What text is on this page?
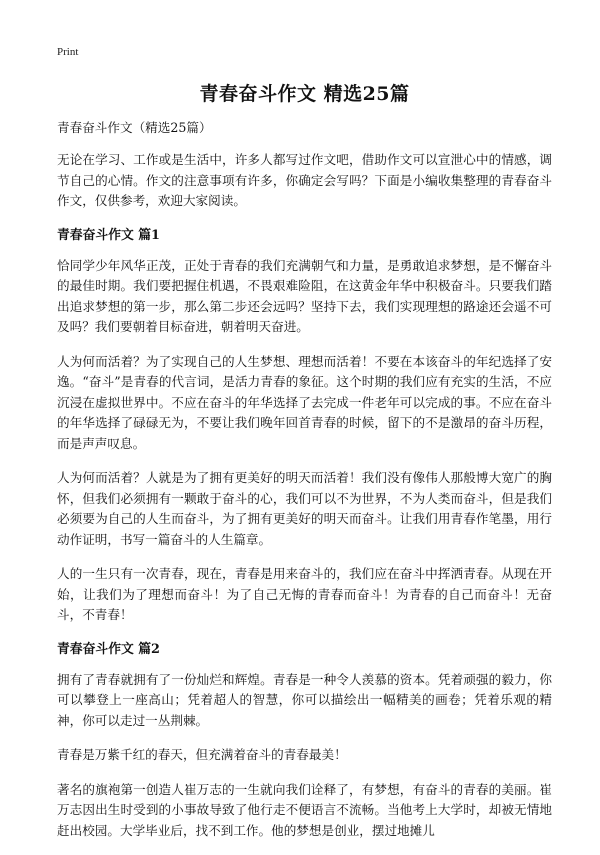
Print
青春奋斗作文 精选25篇

青春奋斗作文（精选25篇）

无论在学习、工作或是生活中，许多人都写过作文吧，借助作文可以宣泄心中的情感，调节自己的心情。作文的注意事项有许多，你确定会写吗？下面是小编收集整理的青春奋斗作文，仅供参考，欢迎大家阅读。

青春奋斗作文 篇1

恰同学少年风华正茂，正处于青春的我们充满朝气和力量，是勇敢追求梦想，是不懈奋斗的最佳时期。我们要把握住机遇，不畏艰难险阻，在这黄金年华中积极奋斗。只要我们踏出追求梦想的第一步，那么第二步还会远吗？坚持下去，我们实现理想的路途还会遥不可及吗？我们要朝着目标奋进，朝着明天奋进。

人为何而活着？为了实现自己的人生梦想、理想而活着！不要在本该奋斗的年纪选择了安逸。“奋斗”是青春的代言词，是活力青春的象征。这个时期的我们应有充实的生活，不应沉浸在虚拟世界中。不应在奋斗的年华选择了去完成一件老年可以完成的事。不应在奋斗的年华选择了碌碌无为，不要让我们晚年回首青春的时候，留下的不是激昂的奋斗历程，而是声声叹息。

人为何而活着？人就是为了拥有更美好的明天而活着！我们没有像伟人那般博大宽广的胸怀，但我们必须拥有一颗敢于奋斗的心，我们可以不为世界，不为人类而奋斗，但是我们必须要为自己的人生而奋斗，为了拥有更美好的明天而奋斗。让我们用青春作笔墨，用行动作证明，书写一篇奋斗的人生篇章。

人的一生只有一次青春，现在，青春是用来奋斗的，我们应在奋斗中挥洒青春。从现在开始，让我们为了理想而奋斗！为了自己无悔的青春而奋斗！为青春的自己而奋斗！无奋斗，不青春！

青春奋斗作文 篇2

拥有了青春就拥有了一份灿烂和辉煌。青春是一种令人羡慕的资本。凭着顽强的毅力，你可以攀登上一座高山；凭着超人的智慧，你可以描绘出一幅精美的画卷；凭着乐观的精神，你可以走过一丛荆棘。

青春是万紫千红的春天，但充满着奋斗的青春最美！

著名的旗袍第一创造人崔万志的一生就向我们诠释了，有梦想，有奋斗的青春的美丽。崔万志因出生时受到的小事故导致了他行走不便语言不流畅。当他考上大学时，却被无情地赶出校园。大学毕业后，找不到工作。他的梦想是创业，摆过地摊儿
